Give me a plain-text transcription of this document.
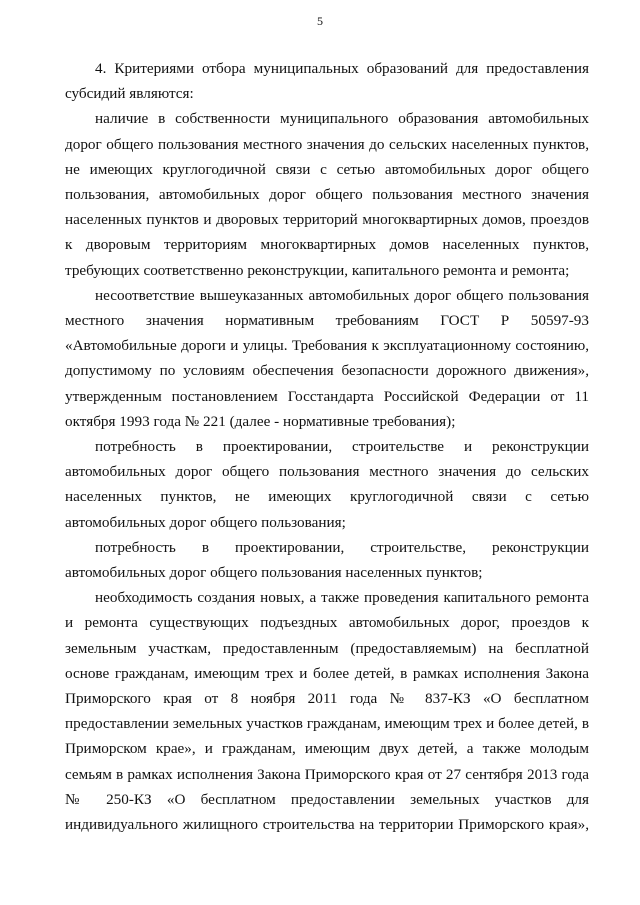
5

4. Критериями отбора муниципальных образований для предоставления субсидий являются:

наличие в собственности муниципального образования автомобильных дорог общего пользования местного значения до сельских населенных пунктов, не имеющих круглогодичной связи с сетью автомобильных дорог общего пользования, автомобильных дорог общего пользования местного значения населенных пунктов и дворовых территорий многоквартирных домов, проездов к дворовым территориям многоквартирных домов населенных пунктов, требующих соответственно реконструкции, капитального ремонта и ремонта;

несоответствие вышеуказанных автомобильных дорог общего пользования местного значения нормативным требованиям ГОСТ Р 50597-93 «Автомобильные дороги и улицы. Требования к эксплуатационному состоянию, допустимому по условиям обеспечения безопасности дорожного движения», утвержденным постановлением Госстандарта Российской Федерации от 11 октября 1993 года № 221 (далее - нормативные требования);

потребность в проектировании, строительстве и реконструкции автомобильных дорог общего пользования местного значения до сельских населенных пунктов, не имеющих круглогодичной связи с сетью автомобильных дорог общего пользования;

потребность в проектировании, строительстве, реконструкции автомобильных дорог общего пользования населенных пунктов;

необходимость создания новых, а также проведения капитального ремонта и ремонта существующих подъездных автомобильных дорог, проездов к земельным участкам, предоставленным (предоставляемым) на бесплатной основе гражданам, имеющим трех и более детей, в рамках исполнения Закона Приморского края от 8 ноября 2011 года № 837-КЗ «О бесплатном предоставлении земельных участков гражданам, имеющим трех и более детей, в Приморском крае», и гражданам, имеющим двух детей, а также молодым семьям в рамках исполнения Закона Приморского края от 27 сентября 2013 года № 250-КЗ «О бесплатном предоставлении земельных участков для индивидуального жилищного строительства на территории Приморского края»,
